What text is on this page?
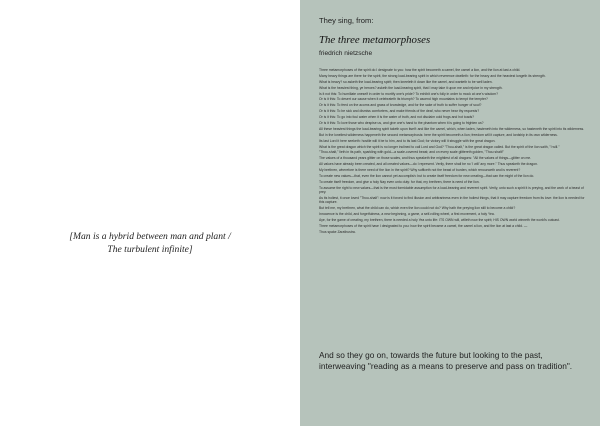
[Man is a hybrid between man and plant /
The turbulent infinite]
They sing, from:
The three metamorphoses
friedrich nietzsche

Three metamorphoses of the spirit do I designate to you: how the spirit becometh a camel, the camel a lion, and the lion at last a child.

Many heavy things are there for the spirit, the strong load-bearing spirit in which reverence dwelleth: for the heavy and the heaviest longeth its strength.

What is heavy? so asketh the load-bearing spirit; then kneeleth it down like the camel, and wanteth to be well laden.

What is the heaviest thing, ye heroes? asketh the load-bearing spirit, that I may take it upon me and rejoice in my strength.

Is it not this: To humiliate oneself in order to mortify one's pride? To exhibit one's folly in order to mock at one's wisdom?

Or is it this: To desert our cause when it celebrateth its triumph? To ascend high mountains to tempt the tempter?

Or is it this: To feed on the acorns and grass of knowledge, and for the sake of truth to suffer hunger of soul?

Or is it this: To be sick and dismiss comforters, and make friends of the deaf, who never hear thy requests?

Or is it this: To go into foul water when it is the water of truth, and not disclaim cold frogs and hot toads?

Or is it this: To love those who despise us, and give one's hand to the phantom when it is going to frighten us?

All these heaviest things the load-bearing spirit taketh upon itself: and like the camel, which, when laden, hasteneth into the wilderness, so hasteneth the spirit into its wilderness.

But in the loneliest wilderness happeneth the second metamorphosis: here the spirit becometh a lion; freedom will it capture, and lordship in its own wilderness.

Its last Lord it here seeketh: hostile will it be to him, and to its last God; for victory will it struggle with the great dragon.

What is the great dragon which the spirit is no longer inclined to call Lord and God? "Thou-shalt," is the great dragon called. But the spirit of the lion saith, "I will."

"Thou-shalt," lieth in its path, sparkling with gold—a scale-covered beast; and on every scale glittereth golden, "Thou shalt!"

The values of a thousand years glitter on those scales, and thus speaketh the mightiest of all dragons: "All the values of things—glitter on me.

All values have already been created, and all created values—do I represent. Verily, there shall be no 'I will' any more." Thus speaketh the dragon.

My brethren, wherefore is there need of the lion in the spirit? Why sufficeth not the beast of burden, which renounceth and is reverent?

To create new values—that, even the lion cannot yet accomplish: but to create itself freedom for new creating—that can the might of the lion do.

To create itself freedom, and give a holy Nay even unto duty: for that, my brethren, there is need of the lion.

To assume the right to new values—that is the most formidable assumption for a load-bearing and reverent spirit. Verily, unto such a spirit it is preying, and the work of a beast of prey.

As its holiest, it once loved "Thou-shalt": now is it forced to find illusion and arbitrariness even in the holiest things, that it may capture freedom from its love: the lion is needed for this capture.

But tell me, my brethren, what the child can do, which even the lion could not do? Why hath the preying lion still to become a child?

Innocence is the child, and forgetfulness, a new beginning, a game, a self-rolling wheel, a first movement, a holy Yea.

Aye, for the game of creating, my brethren, there is needed a holy Yea unto life: ITS OWN will, willeth now the spirit; HIS OWN world winneth the world's outcast.

Three metamorphoses of the spirit have I designated to you: how the spirit became a camel, the camel a lion, and the lion at last a child. —

Thus spake Zarathustra.

And so they go on, towards the future but looking to the past, interweaving "reading as a means to preserve and pass on tradition".
